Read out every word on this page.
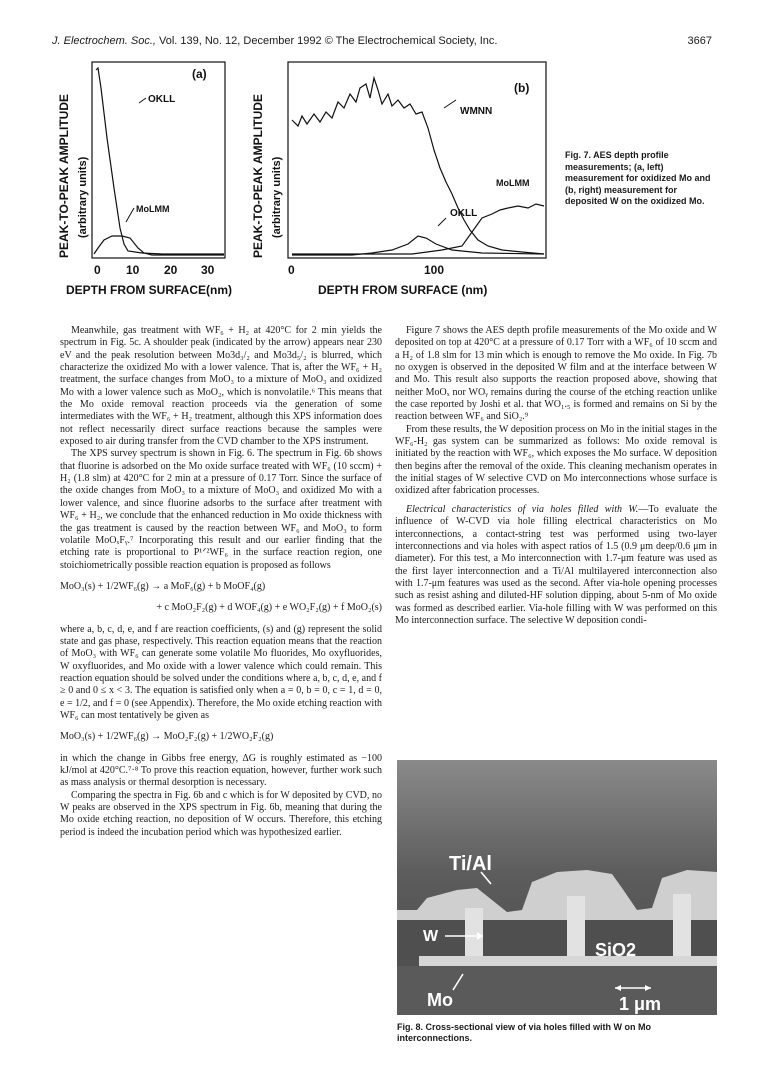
J. Electrochem. Soc., Vol. 139, No. 12, December 1992 © The Electrochemical Society, Inc.	3667
PEAK-TO-PEAK AMPLITUDE (arbitrary units)
(a)
OKLL
MoLMM
0 10 20 30
DEPTH FROM SURFACE(nm)
PEAK-TO-PEAK AMPLITUDE (arbitrary units)
(b)
WMNN
MoLMM
OKLL
0	100
DEPTH FROM SURFACE (nm)
Fig. 7. AES depth profile measurements; (a, left) measurement for oxidized Mo and (b, right) measurement for deposited W on the oxidized Mo.

Meanwhile, gas treatment with WF₆ + H₂ at 420°C for 2 min yields the spectrum in Fig. 5c. A shoulder peak (indicated by the arrow) appears near 230 eV and the peak resolution between Mo3d₃/₂ and Mo3d₅/₂ is blurred, which characterize the oxidized Mo with a lower valence. That is, after the WF₆ + H₂ treatment, the surface changes from MoO₃ to a mixture of MoO₃ and oxidized Mo with a lower valence such as MoO₂, which is nonvolatile.⁶ This means that the Mo oxide removal reaction proceeds via the generation of some intermediates with the WF₆ + H₂ treatment, although this XPS information does not reflect necessarily direct surface reactions because the samples were exposed to air during transfer from the CVD chamber to the XPS instrument.

The XPS survey spectrum is shown in Fig. 6. The spectrum in Fig. 6b shows that fluorine is adsorbed on the Mo oxide surface treated with WF₆ (10 sccm) + H₂ (1.8 slm) at 420°C for 2 min at a pressure of 0.17 Torr. Since the surface of the oxide changes from MoO₃ to a mixture of MoO₃ and oxidized Mo with a lower valence, and since fluorine adsorbs to the surface after treatment with WF₆ + H₂, we conclude that the enhanced reduction in Mo oxide thickness with the gas treatment is caused by the reaction between WF₆ and MoO₃ to form volatile MoOₓFᵧ.⁷ Incorporating this result and our earlier finding that the etching rate is proportional to P¹ᐟ²WF₆ in the surface reaction region, one stoichiometrically possible reaction equation is proposed as follows

MoO₃(s) + 1/2WF₆(g) → a MoF₆(g) + b MoOF₄(g)

+ c MoO₂F₂(g) + d WOF₄(g) + e WO₂F₂(g) + f MoO₂(s)

where a, b, c, d, e, and f are reaction coefficients, (s) and (g) represent the solid state and gas phase, respectively. This reaction equation means that the reaction of MoO₃ with WF₆ can generate some volatile Mo fluorides, Mo oxyfluorides, W oxyfluorides, and Mo oxide with a lower valence which could remain. This reaction equation should be solved under the conditions where a, b, c, d, e, and f ≥ 0 and 0 ≤ x < 3. The equation is satisfied only when a = 0, b = 0, c = 1, d = 0, e = 1/2, and f = 0 (see Appendix). Therefore, the Mo oxide etching reaction with WF₆ can most tentatively be given as

MoO₃(s) + 1/2WF₆(g) → MoO₂F₂(g) + 1/2WO₂F₂(g)

in which the change in Gibbs free energy, ΔG is roughly estimated as −100 kJ/mol at 420°C.⁷·⁸ To prove this reaction equation, however, further work such as mass analysis or thermal desorption is necessary.

Comparing the spectra in Fig. 6b and c which is for W deposited by CVD, no W peaks are observed in the XPS spectrum in Fig. 6b, meaning that during the Mo oxide etching reaction, no deposition of W occurs. Therefore, this etching period is indeed the incubation period which was hypothesized earlier.

Figure 7 shows the AES depth profile measurements of the Mo oxide and W deposited on top at 420°C at a pressure of 0.17 Torr with a WF₆ of 10 sccm and a H₂ of 1.8 slm for 13 min which is enough to remove the Mo oxide. In Fig. 7b no oxygen is observed in the deposited W film and at the interface between W and Mo. This result also supports the reaction proposed above, showing that neither MoOₓ nor WOᵧ remains during the course of the etching reaction unlike the case reported by Joshi et al. that WO₁.₅ is formed and remains on Si by the reaction between WF₆ and SiO₂.⁹

From these results, the W deposition process on Mo in the initial stages in the WF₆-H₂ gas system can be summarized as follows: Mo oxide removal is initiated by the reaction with WF₆, which exposes the Mo surface. W deposition then begins after the removal of the oxide. This cleaning mechanism operates in the initial stages of W selective CVD on Mo interconnections whose surface is oxidized after fabrication processes.

Electrical characteristics of via holes filled with W.—To evaluate the influence of W-CVD via hole filling electrical characteristics on Mo interconnections, a contact-string test was performed using two-layer interconnections and via holes with aspect ratios of 1.5 (0.9 μm deep/0.6 μm in diameter). For this test, a Mo interconnection with 1.7-μm feature was used as the first layer interconnection and a Ti/Al multilayered interconnection also with 1.7-μm features was used as the second. After via-hole opening processes such as resist ashing and diluted-HF solution dipping, about 5-nm of Mo oxide was formed as described earlier. Via-hole filling with W was performed on this Mo interconnection surface. The selective W deposition condi-

Ti/Al
W
SiO2
Mo	1 μm
Fig. 8. Cross-sectional view of via holes filled with W on Mo interconnections.
